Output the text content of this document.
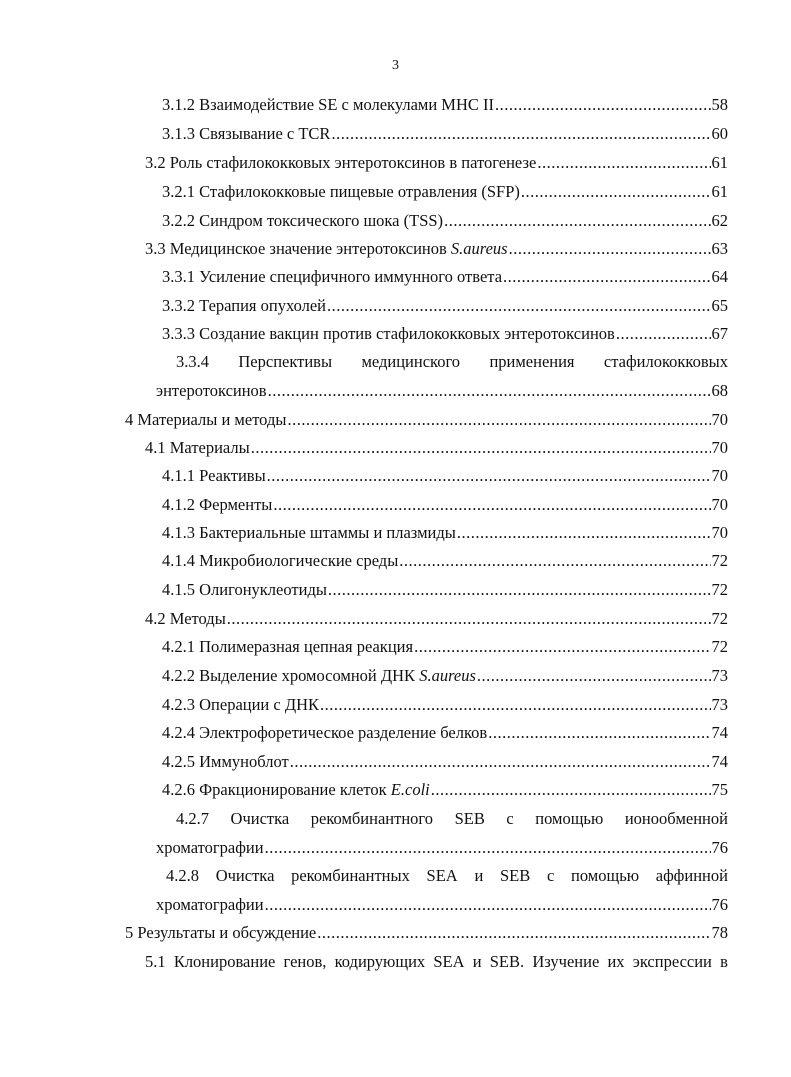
3
3.1.2 Взаимодействие SE с молекулами MHC II .....	58
3.1.3 Связывание с TCR .....	60
3.2 Роль стафилококковых энтеротоксинов в патогенезе .....	61
3.2.1 Стафилококковые пищевые отравления (SFP) .....	61
3.2.2 Синдром токсического шока (TSS) .....	62
3.3 Медицинское значение энтеротоксинов S.aureus .....	63
3.3.1 Усиление специфичного иммунного ответа .....	64
3.3.2 Терапия опухолей .....	65
3.3.3 Создание вакцин против стафилококковых энтеротоксинов .....	67
3.3.4 Перспективы медицинского применения стафилококковых
энтеротоксинов .....	68
4 Материалы и методы .....	70
4.1 Материалы .....	70
4.1.1 Реактивы .....	70
4.1.2 Ферменты .....	70
4.1.3 Бактериальные штаммы и плазмиды .....	70
4.1.4 Микробиологические среды .....	72
4.1.5 Олигонуклеотиды .....	72
4.2 Методы .....	72
4.2.1 Полимеразная цепная реакция .....	72
4.2.2 Выделение хромосомной ДНК S.aureus .....	73
4.2.3 Операции с ДНК .....	73
4.2.4 Электрофоретическое разделение белков .....	74
4.2.5 Иммуноблот .....	74
4.2.6 Фракционирование клеток E.coli .....	75
4.2.7 Очистка рекомбинантного SEB с помощью ионообменной
хроматографии .....	76
4.2.8 Очистка рекомбинантных SEA и SEB с помощью аффинной
хроматографии .....	76
5 Результаты и обсуждение .....	78
5.1 Клонирование генов, кодирующих SEA и SEB. Изучение их экспрессии в
